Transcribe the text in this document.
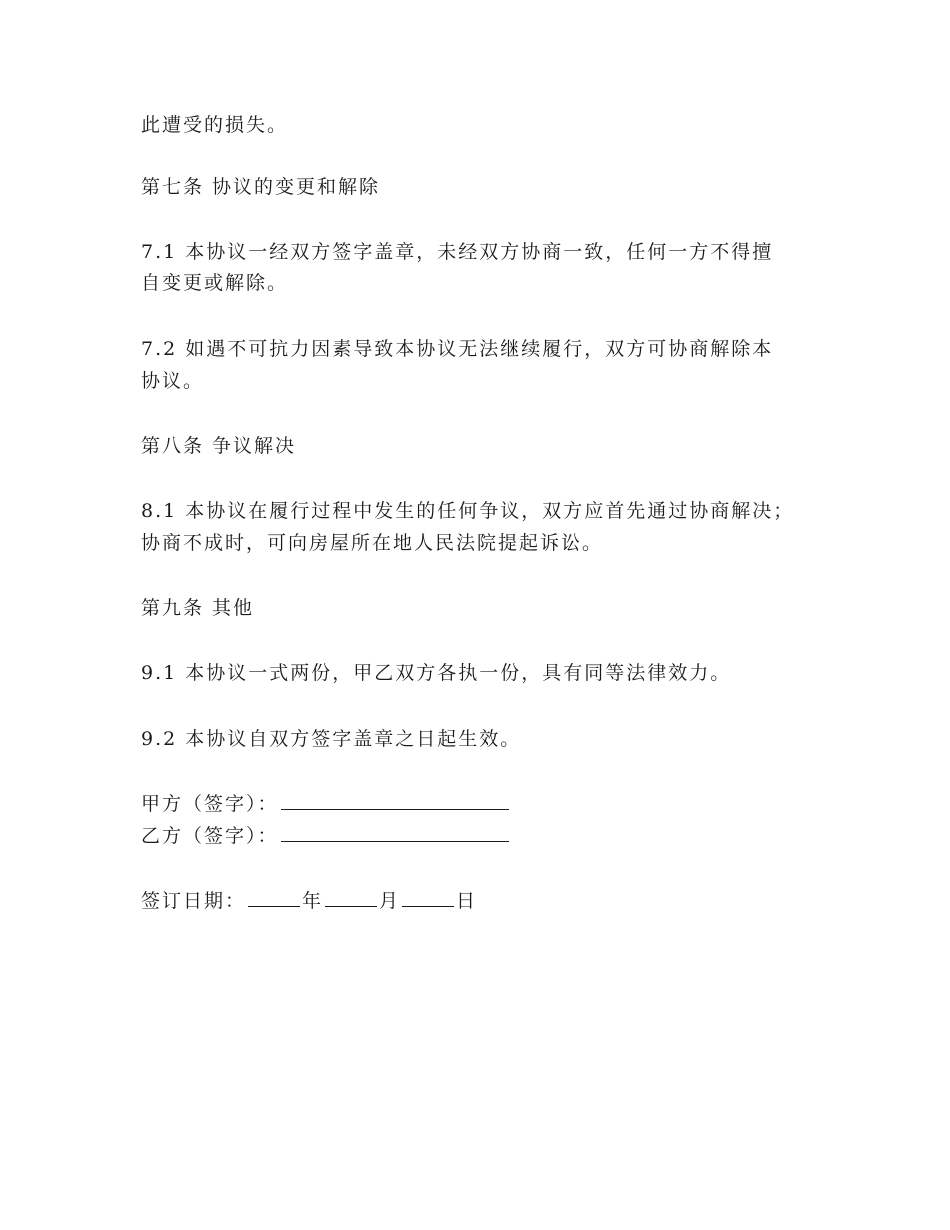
此遭受的损失。
第七条 协议的变更和解除
7.1 本协议一经双方签字盖章，未经双方协商一致，任何一方不得擅
自变更或解除。
7.2 如遇不可抗力因素导致本协议无法继续履行，双方可协商解除本
协议。
第八条 争议解决
8.1 本协议在履行过程中发生的任何争议，双方应首先通过协商解决；
协商不成时，可向房屋所在地人民法院提起诉讼。
第九条 其他
9.1 本协议一式两份，甲乙双方各执一份，具有同等法律效力。
9.2 本协议自双方签字盖章之日起生效。
甲方（签字）：
乙方（签字）：
签订日期：	年	月	日
